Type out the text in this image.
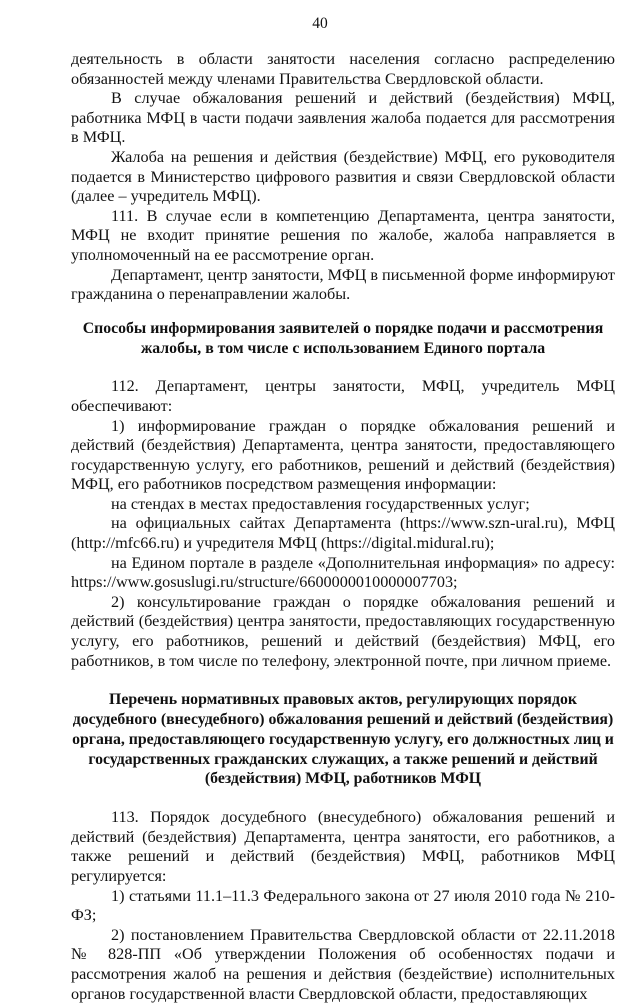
40

деятельность в области занятости населения согласно распределению обязанностей между членами Правительства Свердловской области.

В случае обжалования решений и действий (бездействия) МФЦ, работника МФЦ в части подачи заявления жалоба подается для рассмотрения в МФЦ.

Жалоба на решения и действия (бездействие) МФЦ, его руководителя подается в Министерство цифрового развития и связи Свердловской области (далее – учредитель МФЦ).

111. В случае если в компетенцию Департамента, центра занятости, МФЦ не входит принятие решения по жалобе, жалоба направляется в уполномоченный на ее рассмотрение орган.

Департамент, центр занятости, МФЦ в письменной форме информируют гражданина о перенаправлении жалобы.

Способы информирования заявителей о порядке подачи и рассмотрения жалобы, в том числе с использованием Единого портала

112. Департамент, центры занятости, МФЦ, учредитель МФЦ обеспечивают:

1) информирование граждан о порядке обжалования решений и действий (бездействия) Департамента, центра занятости, предоставляющего государственную услугу, его работников, решений и действий (бездействия) МФЦ, его работников посредством размещения информации:

на стендах в местах предоставления государственных услуг;

на официальных сайтах Департамента (https://www.szn-ural.ru), МФЦ (http://mfc66.ru) и учредителя МФЦ (https://digital.midural.ru);

на Едином портале в разделе «Дополнительная информация» по адресу: https://www.gosuslugi.ru/structure/6600000010000007703;

2) консультирование граждан о порядке обжалования решений и действий (бездействия) центра занятости, предоставляющих государственную услугу, его работников, решений и действий (бездействия) МФЦ, его работников, в том числе по телефону, электронной почте, при личном приеме.

Перечень нормативных правовых актов, регулирующих порядок досудебного (внесудебного) обжалования решений и действий (бездействия) органа, предоставляющего государственную услугу, его должностных лиц и государственных гражданских служащих, а также решений и действий (бездействия) МФЦ, работников МФЦ

113. Порядок досудебного (внесудебного) обжалования решений и действий (бездействия) Департамента, центра занятости, его работников, а также решений и действий (бездействия) МФЦ, работников МФЦ регулируется:

1) статьями 11.1–11.3 Федерального закона от 27 июля 2010 года № 210-ФЗ;

2) постановлением Правительства Свердловской области от 22.11.2018 № 828-ПП «Об утверждении Положения об особенностях подачи и рассмотрения жалоб на решения и действия (бездействие) исполнительных органов государственной власти Свердловской области, предоставляющих
